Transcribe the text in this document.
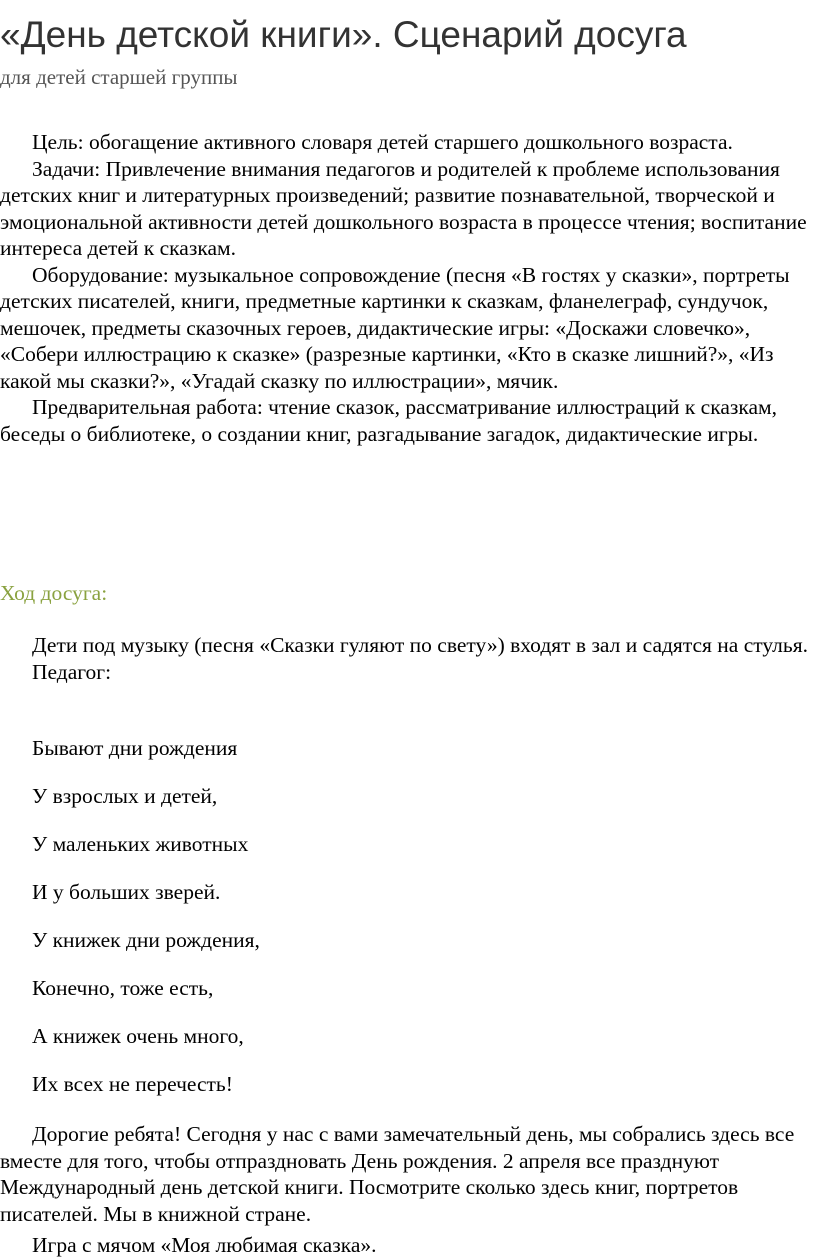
«День детской книги». Сценарий досуга
для детей старшей группы

Цель: обогащение активного словаря детей старшего дошкольного возраста.

Задачи: Привлечение внимания педагогов и родителей к проблеме использования детских книг и литературных произведений; развитие познавательной, творческой и эмоциональной активности детей дошкольного возраста в процессе чтения; воспитание интереса детей к сказкам.

Оборудование: музыкальное сопровождение (песня «В гостях у сказки», портреты детских писателей, книги, предметные картинки к сказкам, фланелеграф, сундучок, мешочек, предметы сказочных героев, дидактические игры: «Доскажи словечко», «Собери иллюстрацию к сказке» (разрезные картинки, «Кто в сказке лишний?», «Из какой мы сказки?», «Угадай сказку по иллюстрации», мячик.

Предварительная работа: чтение сказок, рассматривание иллюстраций к сказкам, беседы о библиотеке, о создании книг, разгадывание загадок, дидактические игры.

Ход досуга:

Дети под музыку (песня «Сказки гуляют по свету») входят в зал и садятся на стулья.

Педагог:

Бывают дни рождения
У взрослых и детей,
У маленьких животных
И у больших зверей.
У книжек дни рождения,
Конечно, тоже есть,
А книжек очень много,
Их всех не перечесть!

Дорогие ребята! Сегодня у нас с вами замечательный день, мы собрались здесь все вместе для того, чтобы отпраздновать День рождения. 2 апреля все празднуют Международный день детской книги. Посмотрите сколько здесь книг, портретов писателей. Мы в книжной стране.

Игра с мячом «Моя любимая сказка».
